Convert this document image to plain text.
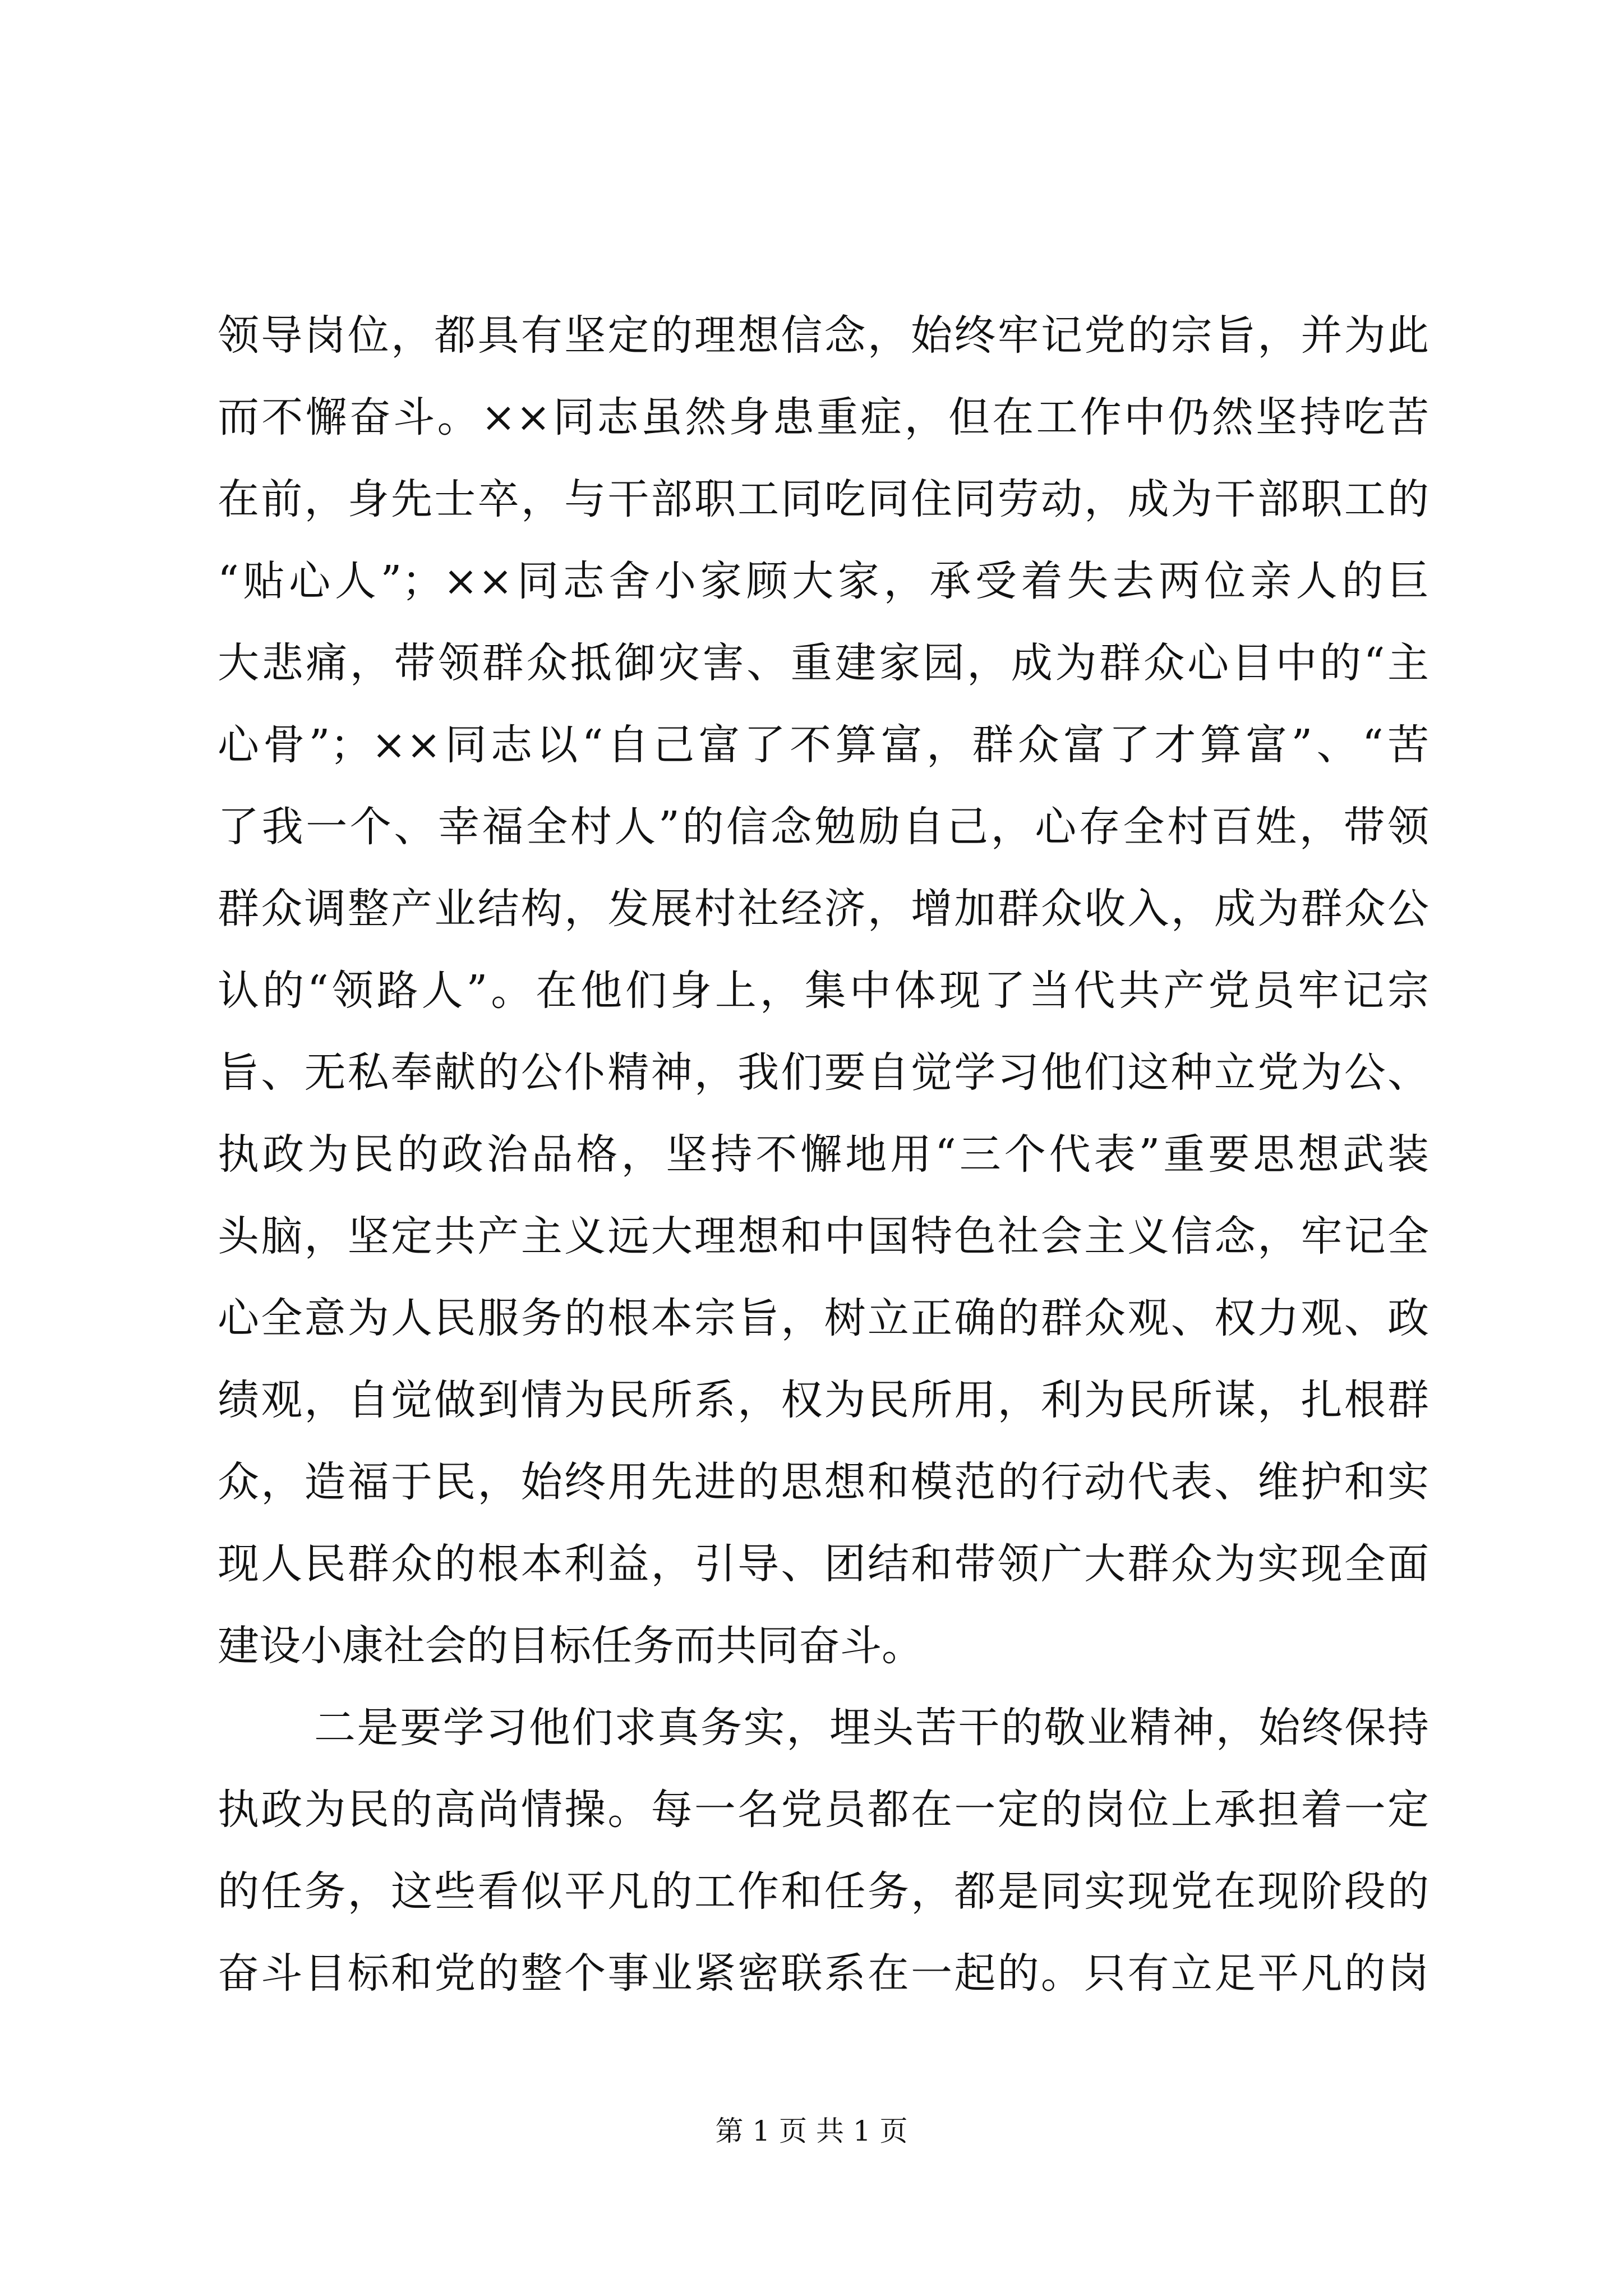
领导岗位，都具有坚定的理想信念，始终牢记党的宗旨，并为此
而不懈奋斗。××同志虽然身患重症，但在工作中仍然坚持吃苦
在前，身先士卒，与干部职工同吃同住同劳动，成为干部职工的
“贴心人”；××同志舍小家顾大家，承受着失去两位亲人的巨
大悲痛，带领群众抵御灾害、重建家园，成为群众心目中的“主
心骨”；××同志以“自己富了不算富，群众富了才算富”、“苦
了我一个、幸福全村人”的信念勉励自己，心存全村百姓，带领
群众调整产业结构，发展村社经济，增加群众收入，成为群众公
认的“领路人”。在他们身上，集中体现了当代共产党员牢记宗
旨、无私奉献的公仆精神，我们要自觉学习他们这种立党为公、
执政为民的政治品格，坚持不懈地用“三个代表”重要思想武装
头脑，坚定共产主义远大理想和中国特色社会主义信念，牢记全
心全意为人民服务的根本宗旨，树立正确的群众观、权力观、政
绩观，自觉做到情为民所系，权为民所用，利为民所谋，扎根群
众，造福于民，始终用先进的思想和模范的行动代表、维护和实
现人民群众的根本利益，引导、团结和带领广大群众为实现全面
建设小康社会的目标任务而共同奋斗。
二是要学习他们求真务实，埋头苦干的敬业精神，始终保持
执政为民的高尚情操。每一名党员都在一定的岗位上承担着一定
的任务，这些看似平凡的工作和任务，都是同实现党在现阶段的
奋斗目标和党的整个事业紧密联系在一起的。只有立足平凡的岗
第 1 页 共 1 页
